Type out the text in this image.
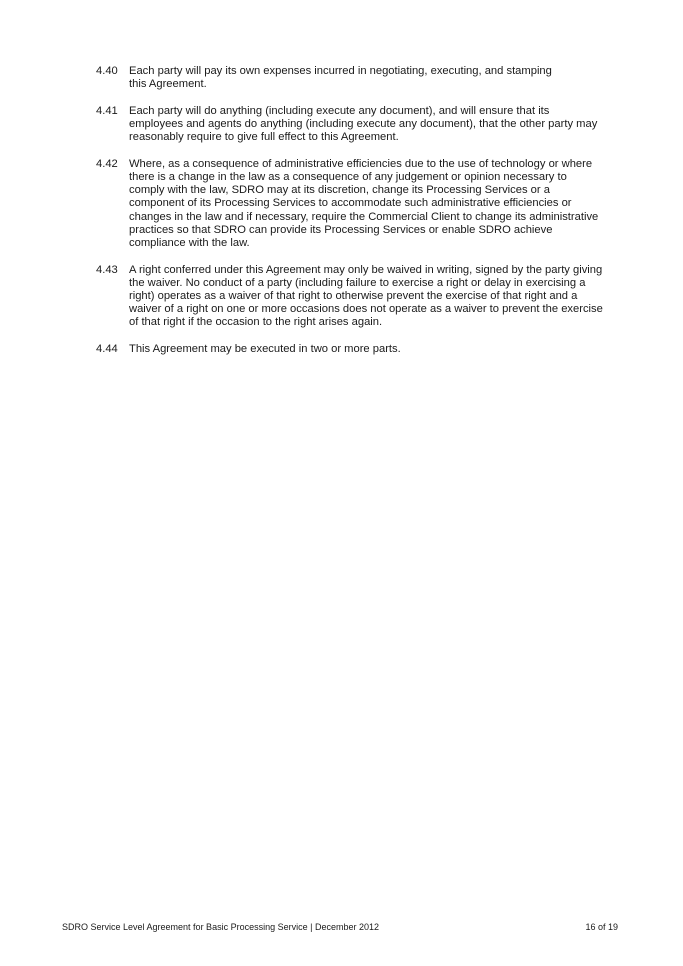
4.40	Each party will pay its own expenses incurred in negotiating, executing, and stamping
this Agreement.
4.41	Each party will do anything (including execute any document), and will ensure that its
employees and agents do anything (including execute any document), that the other party may
reasonably require to give full effect to this Agreement.
4.42	Where, as a consequence of administrative efficiencies due to the use of technology or where
there is a change in the law as a consequence of any judgement or opinion necessary to
comply with the law, SDRO may at its discretion, change its Processing Services or a
component of its Processing Services to accommodate such administrative efficiencies or
changes in the law and if necessary, require the Commercial Client to change its administrative
practices so that SDRO can provide its Processing Services or enable SDRO achieve
compliance with the law.
4.43	A right conferred under this Agreement may only be waived in writing, signed by the party giving
the waiver. No conduct of a party (including failure to exercise a right or delay in exercising a
right) operates as a waiver of that right to otherwise prevent the exercise of that right and a
waiver of a right on one or more occasions does not operate as a waiver to prevent the exercise
of that right if the occasion to the right arises again.
4.44	This Agreement may be executed in two or more parts.
SDRO Service Level Agreement for Basic Processing Service | December 2012	16 of 19
